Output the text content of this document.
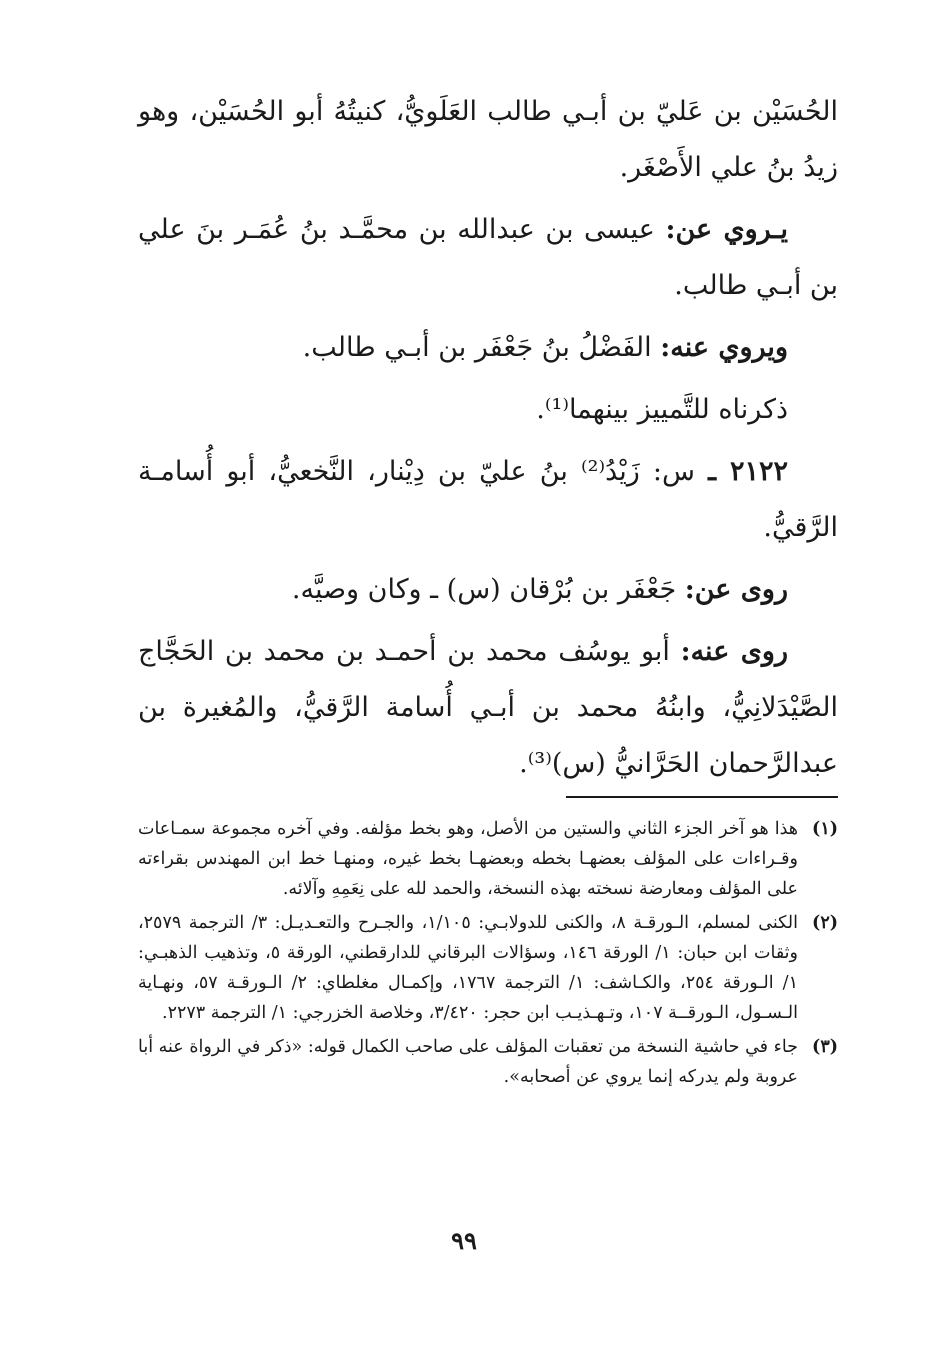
الحُسَيْن بن عَليّ بن أبـي طالب العَلَويُّ، كنيتُهُ أبو الحُسَيْن، وهو زيدُ بنُ علي الأَصْغَر.

يـروي عن: عيسى بن عبدالله بن محمَّـد بنُ عُمَـر بنَ علي بن أبـي طالب.

ويروي عنه: الفَضْلُ بنُ جَعْفَر بن أبـي طالب.

ذكرناه للتَّمييز بينهما⁽¹⁾.

٢١٢٢ ـ س: زَيْدُ⁽²⁾ بنُ عليّ بن دِيْنار، النَّخعيُّ، أبو أُسامـة الرَّقيُّ.

روى عن: جَعْفَر بن بُرْقان (س) ـ وكان وصيَّه.

روى عنه: أبو يوسُف محمد بن أحمـد بن محمد بن الحَجَّاج الصَّيْدَلانِيُّ، وابنُهُ محمد بن أبـي أُسامة الرَّقيُّ، والمُغيرة بن عبدالرَّحمان الحَرَّانيُّ (س)⁽³⁾.

(١)
هذا هو آخر الجزء الثاني والستين من الأصل، وهو بخط مؤلفه. وفي آخره مجموعة سمـاعات وقـراءات على المؤلف بعضهـا بخطه وبعضهـا بخط غيره، ومنهـا خط ابن المهندس بقراءته على المؤلف ومعارضة نسخته بهذه النسخة، والحمد لله على نِعَمِهِ وآلائه.
(٢)
الكنى لمسلم، الـورقـة ٨، والكنى للدولابـي: ١/١٠٥، والجـرح والتعـديـل: ٣/ الترجمة ٢٥٧٩، وثقات ابن حبان: ١/ الورقة ١٤٦، وسؤالات البرقاني للدارقطني، الورقة ٥، وتذهيب الذهبـي: ١/ الـورقة ٢٥٤، والكـاشف: ١/ الترجمة ١٧٦٧، وإكمـال مغلطاي: ٢/ الـورقـة ٥٧، ونهـاية الـسـول، الـورقــة ١٠٧، وتـهـذيـب ابن حجر: ٣/٤٢٠، وخلاصة الخزرجي: ١/ الترجمة ٢٢٧٣.
(٣)
جاء في حاشية النسخة من تعقبات المؤلف على صاحب الكمال قوله: «ذكر في الرواة عنه أبا عروبة ولم يدركه إنما يروي عن أصحابه».
٩٩
